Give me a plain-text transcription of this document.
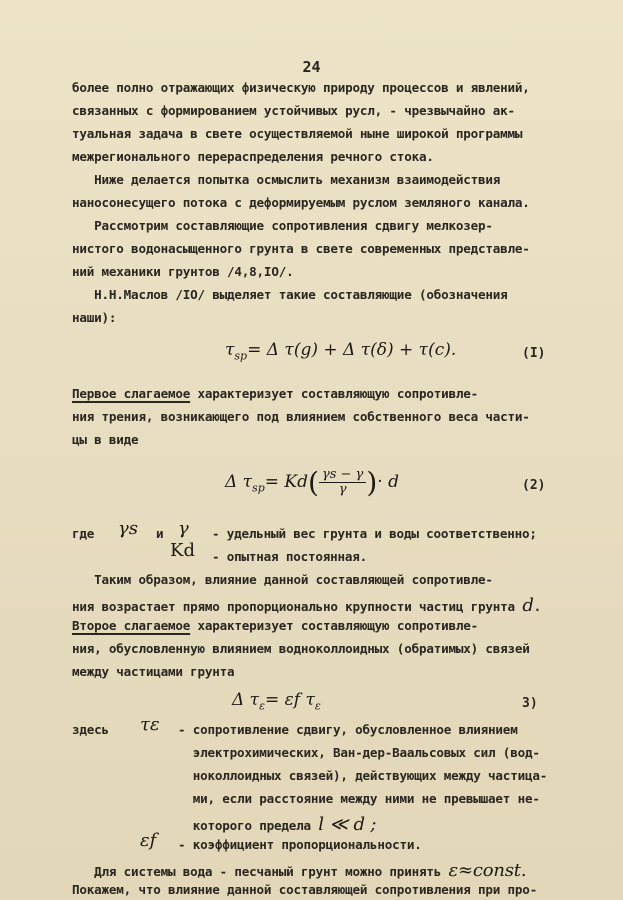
24
более полно отражающих физическую природу процессов и явлений,
связанных с формированием устойчивых русл, - чрезвычайно ак-
туальная задача в свете осуществляемой ныне широкой программы
межрегионального перераспределения речного стока.
Ниже делается попытка осмыслить механизм взаимодействия
наносонесущего потока с деформируемым руслом земляного канала.
Рассмотрим составляющие сопротивления сдвигу мелкозер-
нистого водонасыщенного грунта в свете современных представле-
ний механики грунтов /4,8,IO/.
Н.Н.Маслов /IO/ выделяет такие составляющие (обозначения
наши):
$\tau_{sp}= \Delta$ τ(g) + Δ τ(δ) + τ(c).	(I)
Первое слагаемое характеризует составляющую сопротивле-
ния трения, возникающего под влиянием собственного веса части-
цы в виде
Δ $\tau_{sp}= Kd( \frac{\gamma s - \gamma}{\gamma}$ )· d	(2)
где γs и γ - удельный вес грунта и воды соответственно;
Kd - опытная постоянная.
Таким образом, влияние данной составляющей сопротивле-
ния возрастает прямо пропорционально крупности частиц грунта d.
Второе слагаемое характеризует составляющую сопротивле-
ния, обусловленную влиянием водноколлоидных (обратимых) связей
между частицами грунта
Δ $\tau_\varepsilon= \varepsilon f$ $\tau_\varepsilon$	3)
здесь τε - сопротивление сдвигу, обусловленное влиянием
электрохимических, Ван-дер-Ваальсовых сил (вод-
ноколлоидных связей), действующих между частица-
ми, если расстояние между ними не превышает не-
которого предела l ≪ d ;
εf - коэффициент пропорциональности.
Для системы вода - песчаный грунт можно принять ε≈const.
Покажем, что влияние данной составляющей сопротивления при про-
